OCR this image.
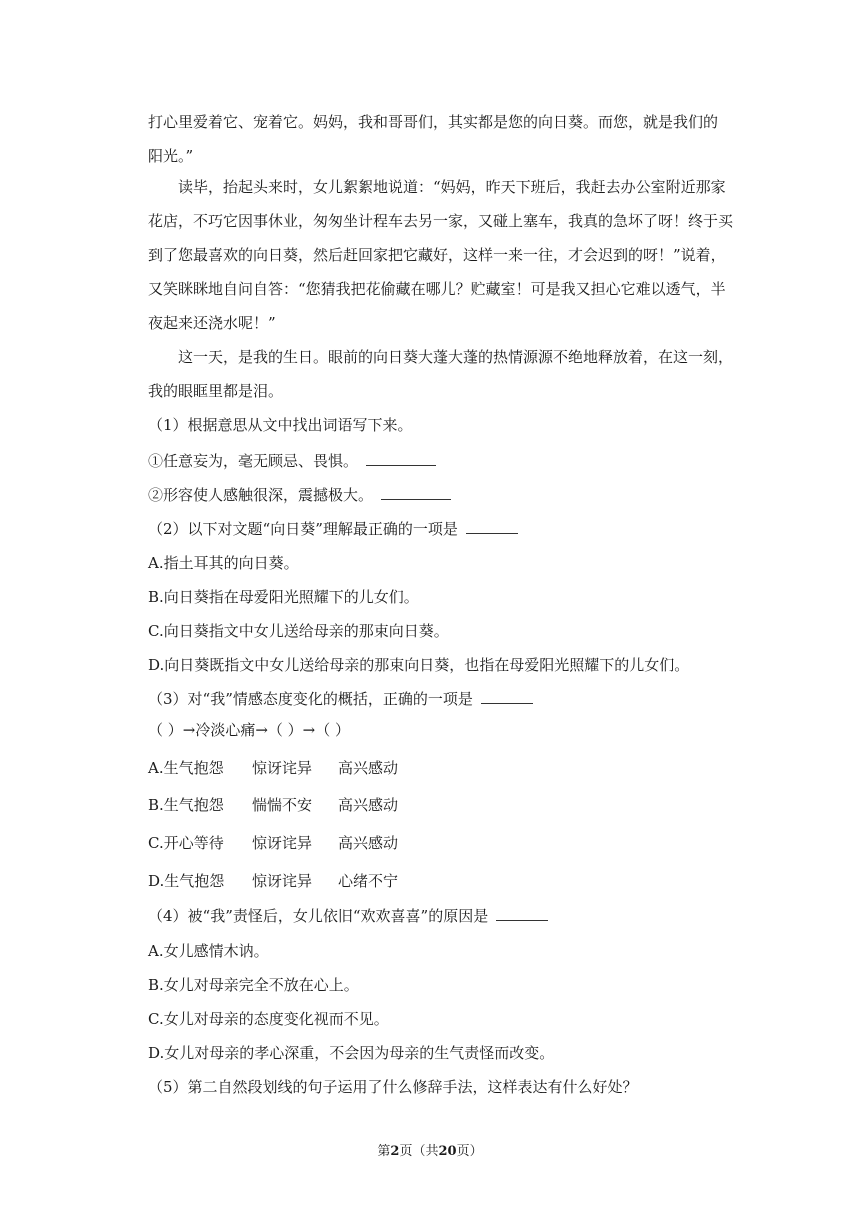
打心里爱着它、宠着它。妈妈，我和哥哥们，其实都是您的向日葵。而您，就是我们的
阳光。”
读毕，抬起头来时，女儿絮絮地说道：“妈妈，昨天下班后，我赶去办公室附近那家花店，不巧它因事休业，匆匆坐计程车去另一家，又碰上塞车，我真的急坏了呀！终于买到了您最喜欢的向日葵，然后赶回家把它藏好，这样一来一往，才会迟到的呀！”说着，又笑眯眯地自问自答：“您猜我把花偷藏在哪儿？贮藏室！可是我又担心它难以透气，半夜起来还浇水呢！”
这一天，是我的生日。眼前的向日葵大蓬大蓬的热情源源不绝地释放着，在这一刻，我的眼眶里都是泪。
（1）根据意思从文中找出词语写下来。
①任意妄为，毫无顾忌、畏惧。
②形容使人感触很深，震撼极大。
（2）以下对文题“向日葵”理解最正确的一项是
A.指土耳其的向日葵。
B.向日葵指在母爱阳光照耀下的儿女们。
C.向日葵指文中女儿送给母亲的那束向日葵。
D.向日葵既指文中女儿送给母亲的那束向日葵，也指在母爱阳光照耀下的儿女们。
（3）对“我”情感态度变化的概括，正确的一项是
（ ）→冷淡心痛→（ ）→（ ）
A.生气抱怨 惊讶诧异 高兴感动
B.生气抱怨 惴惴不安 高兴感动
C.开心等待 惊讶诧异 高兴感动
D.生气抱怨 惊讶诧异 心绪不宁
（4）被“我”责怪后，女儿依旧“欢欢喜喜”的原因是
A.女儿感情木讷。
B.女儿对母亲完全不放在心上。
C.女儿对母亲的态度变化视而不见。
D.女儿对母亲的孝心深重，不会因为母亲的生气责怪而改变。
（5）第二自然段划线的句子运用了什么修辞手法，这样表达有什么好处？
第2页（共20页）
